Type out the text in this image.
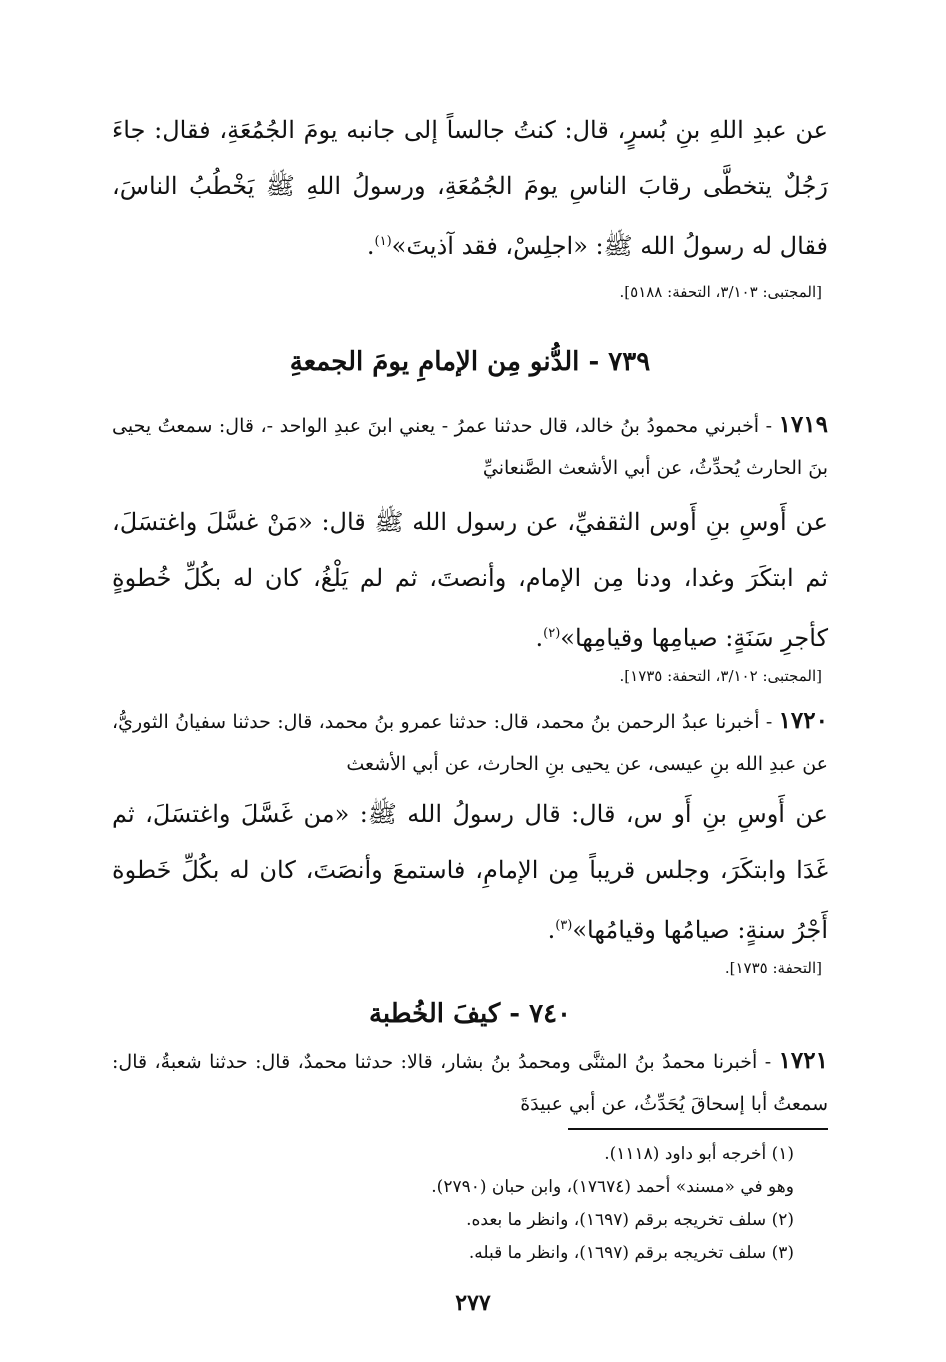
عن عبدِ اللهِ بنِ بُسرٍ، قال: كنتُ جالساً إلى جانبه يومَ الجُمُعَةِ، فقال: جاءَ رَجُلٌ يتخطَّى رقابَ الناسِ يومَ الجُمُعَةِ، ورسولُ اللهِ ﷺ يَخْطُبُ الناسَ، فقال له رسولُ الله ﷺ: «اجلِسْ، فقد آذيتَ»$^{(١)}$.
[المجتبى: ٣/١٠٣، التحفة: ٥١٨٨].
٧٣٩ - الدُّنو مِن الإمامِ يومَ الجمعةِ
١٧١٩ - أخبرني محمودُ بنُ خالد، قال حدثنا عمرُ - يعني ابنَ عبدِ الواحد -، قال: سمعتُ يحيى بنَ الحارث يُحدِّثُ، عن أبي الأشعث الصَّنعانيِّ
عن أَوسِ بنِ أَوس الثقفيِّ، عن رسول الله ﷺ قال: «مَنْ غسَّلَ واغتسَلَ، ثم ابتكَرَ وغدا، ودنا مِن الإمام، وأنصتَ، ثم لم يَلْغُ، كان له بكُلِّ خُطوةٍ كأجرِ سَنَةٍ: صيامِها وقيامِها»$^{(٢)}$.
[المجتبى: ٣/١٠٢، التحفة: ١٧٣٥].
١٧٢٠ - أخبرنا عبدُ الرحمن بنُ محمد، قال: حدثنا عمرو بنُ محمد، قال: حدثنا سفيانُ الثوريُّ، عن عبدِ الله بنِ عيسى، عن يحيى بنِ الحارث، عن أبي الأشعث
عن أَوسِ بنِ أَو س، قال: قال رسولُ الله ﷺ: «من غَسَّلَ واغتسَلَ، ثم غَدَا وابتكَرَ، وجلس قريباً مِن الإمامِ، فاستمعَ وأنصَتَ، كان له بكُلِّ خَطوة أَجْرُ سنةٍ: صيامُها وقيامُها»$^{(٣)}$.
[التحفة: ١٧٣٥].
٧٤٠ - كيفَ الخُطبة
١٧٢١ - أخبرنا محمدُ بنُ المثنَّى ومحمدُ بنُ بشار، قالا: حدثنا محمدٌ، قال: حدثنا شعبةُ، قال: سمعتُ أبا إسحاقَ يُحَدِّثُ، عن أبي عبيدَةَ
(١) أخرجه أبو داود (١١١٨).
وهو في «مسند» أحمد (١٧٦٧٤)، وابن حبان (٢٧٩٠).
(٢) سلف تخريجه برقم (١٦٩٧)، وانظر ما بعده.
(٣) سلف تخريجه برقم (١٦٩٧)، وانظر ما قبله.
٢٧٧
